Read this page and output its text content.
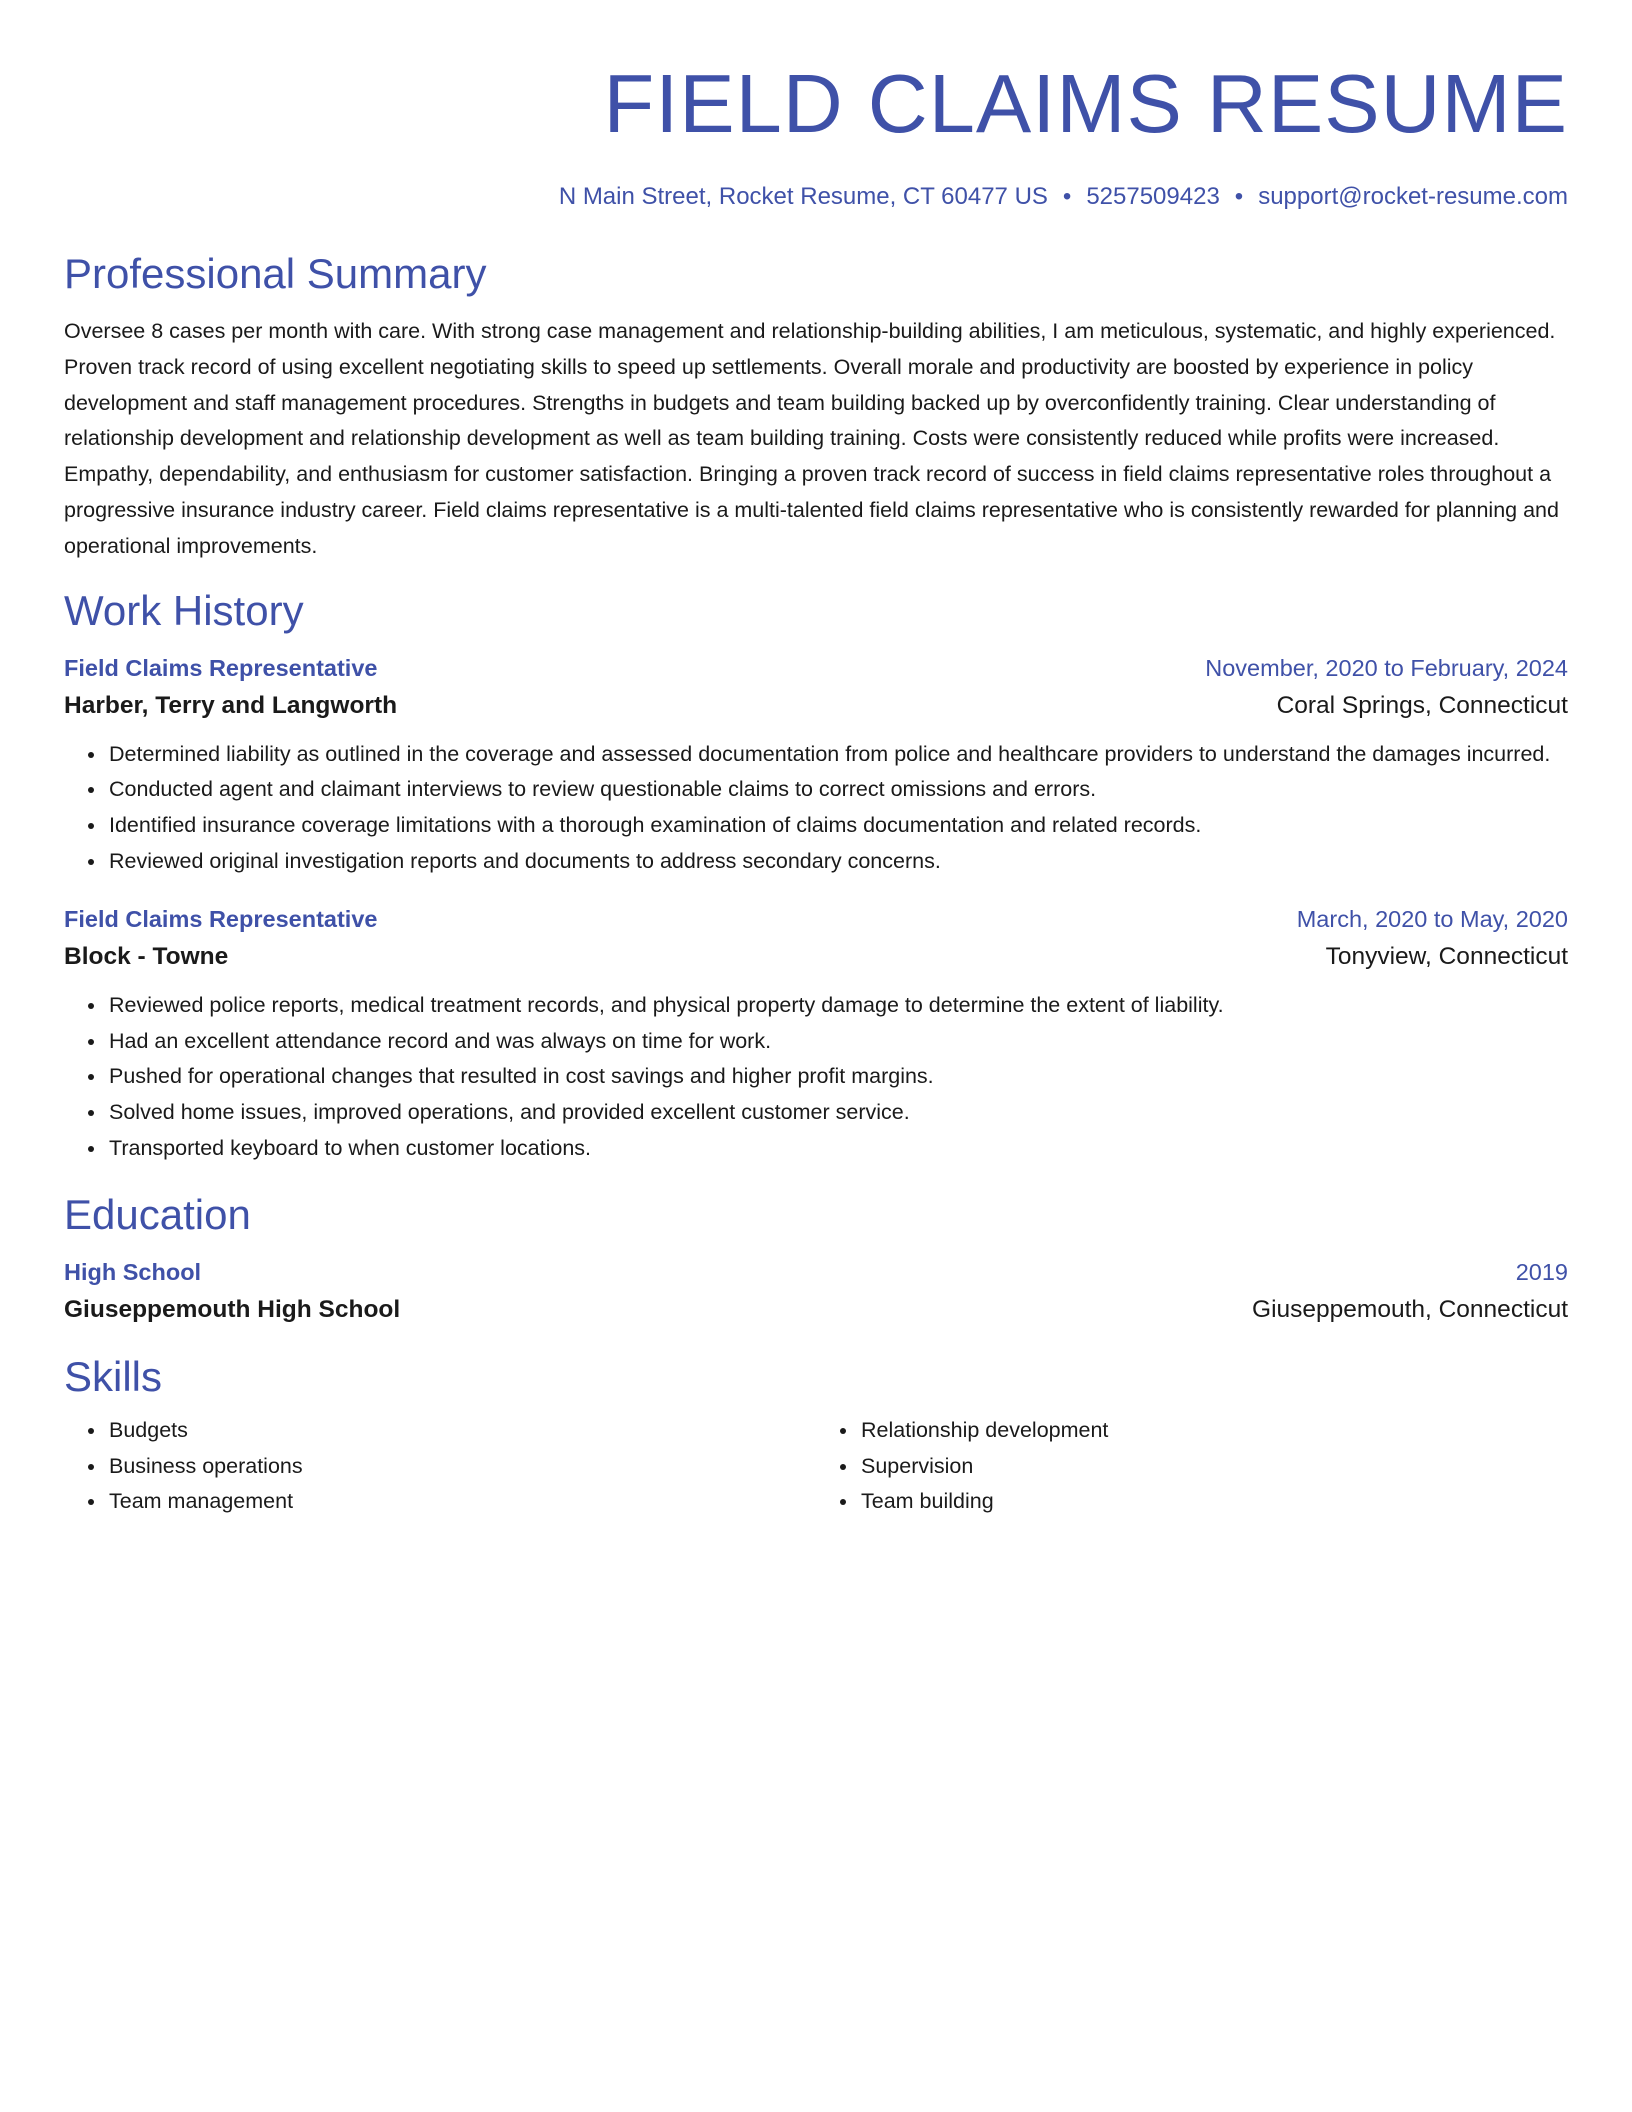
FIELD CLAIMS RESUME
N Main Street, Rocket Resume, CT 60477 US • 5257509423 • support@rocket-resume.com
Professional Summary

Oversee 8 cases per month with care. With strong case management and relationship-building abilities, I am meticulous, systematic, and highly experienced. Proven track record of using excellent negotiating skills to speed up settlements. Overall morale and productivity are boosted by experience in policy development and staff management procedures. Strengths in budgets and team building backed up by overconfidently training. Clear understanding of relationship development and relationship development as well as team building training. Costs were consistently reduced while profits were increased. Empathy, dependability, and enthusiasm for customer satisfaction. Bringing a proven track record of success in field claims representative roles throughout a progressive insurance industry career. Field claims representative is a multi-talented field claims representative who is consistently rewarded for planning and operational improvements.

Work History
Field Claims Representative	November, 2020 to February, 2024
Harber, Terry and Langworth	Coral Springs, Connecticut
• Determined liability as outlined in the coverage and assessed documentation from police and healthcare providers to understand the damages incurred.
• Conducted agent and claimant interviews to review questionable claims to correct omissions and errors.
• Identified insurance coverage limitations with a thorough examination of claims documentation and related records.
• Reviewed original investigation reports and documents to address secondary concerns.
Field Claims Representative	March, 2020 to May, 2020
Block - Towne	Tonyview, Connecticut
• Reviewed police reports, medical treatment records, and physical property damage to determine the extent of liability.
• Had an excellent attendance record and was always on time for work.
• Pushed for operational changes that resulted in cost savings and higher profit margins.
• Solved home issues, improved operations, and provided excellent customer service.
• Transported keyboard to when customer locations.
Education
High School	2019
Giuseppemouth High School	Giuseppemouth, Connecticut
Skills
• Budgets
• Business operations
• Team management
• Relationship development
• Supervision
• Team building
